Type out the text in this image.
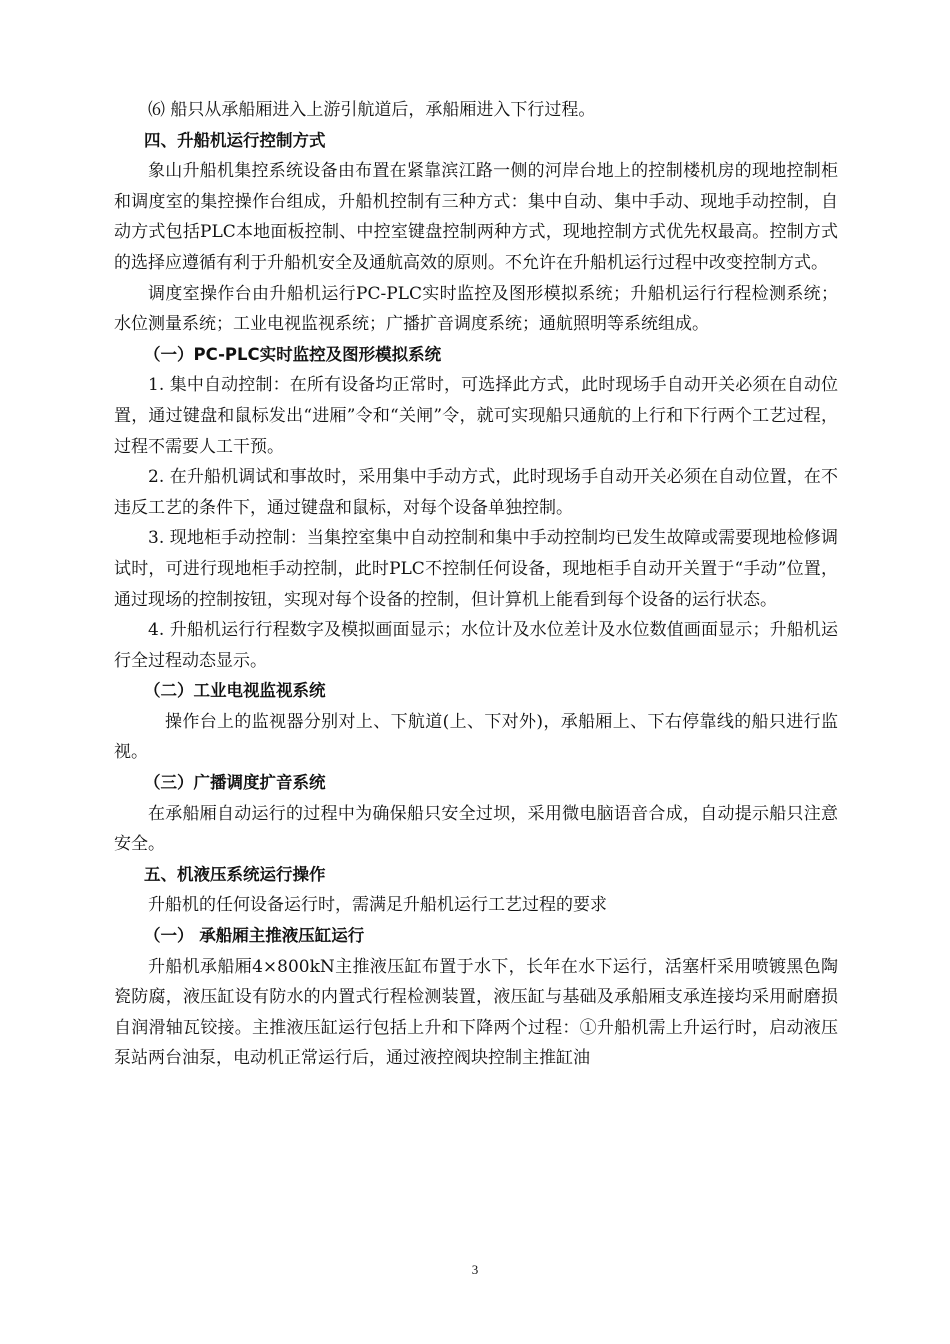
⑹ 船只从承船厢进入上游引航道后，承船厢进入下行过程。

四、升船机运行控制方式

象山升船机集控系统设备由布置在紧靠滨江路一侧的河岸台地上的控制楼机房的现地控制柜和调度室的集控操作台组成，升船机控制有三种方式：集中自动、集中手动、现地手动控制，自动方式包括PLC本地面板控制、中控室键盘控制两种方式，现地控制方式优先权最高。控制方式的选择应遵循有利于升船机安全及通航高效的原则。不允许在升船机运行过程中改变控制方式。

调度室操作台由升船机运行PC-PLC实时监控及图形模拟系统；升船机运行行程检测系统；水位测量系统；工业电视监视系统；广播扩音调度系统；通航照明等系统组成。

（一）PC-PLC实时监控及图形模拟系统

1. 集中自动控制：在所有设备均正常时，可选择此方式，此时现场手自动开关必须在自动位置，通过键盘和鼠标发出“进厢”令和“关闸”令，就可实现船只通航的上行和下行两个工艺过程，过程不需要人工干预。

2. 在升船机调试和事故时，采用集中手动方式，此时现场手自动开关必须在自动位置，在不违反工艺的条件下，通过键盘和鼠标，对每个设备单独控制。

3. 现地柜手动控制：当集控室集中自动控制和集中手动控制均已发生故障或需要现地检修调试时，可进行现地柜手动控制，此时PLC不控制任何设备，现地柜手自动开关置于“手动”位置，通过现场的控制按钮，实现对每个设备的控制，但计算机上能看到每个设备的运行状态。

4. 升船机运行行程数字及模拟画面显示；水位计及水位差计及水位数值画面显示；升船机运行全过程动态显示。

（二）工业电视监视系统

操作台上的监视器分别对上、下航道(上、下对外)，承船厢上、下右停靠线的船只进行监视。

（三）广播调度扩音系统

在承船厢自动运行的过程中为确保船只安全过坝，采用微电脑语音合成，自动提示船只注意安全。

五、机液压系统运行操作

升船机的任何设备运行时，需满足升船机运行工艺过程的要求

（一） 承船厢主推液压缸运行

升船机承船厢4×800kN主推液压缸布置于水下，长年在水下运行，活塞杆采用喷镀黑色陶瓷防腐，液压缸设有防水的内置式行程检测装置，液压缸与基础及承船厢支承连接均采用耐磨损自润滑轴瓦铰接。主推液压缸运行包括上升和下降两个过程：①升船机需上升运行时，启动液压泵站两台油泵，电动机正常运行后，通过液控阀块控制主推缸油

3
